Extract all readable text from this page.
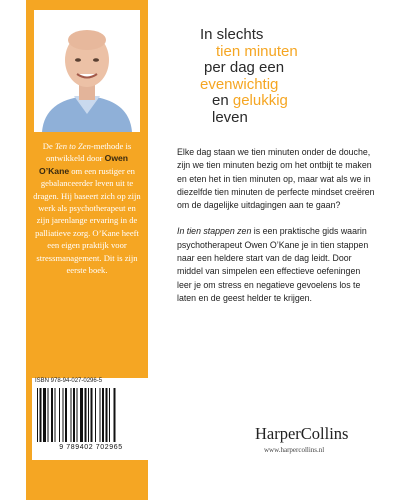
De Ten to Zen-methode is ontwikkeld door Owen O’Kane om een rustiger en gebalanceerder leven uit te dragen. Hij baseert zich op zijn werk als psychotherapeut en zijn jarenlange ervaring in de palliatieve zorg. O’Kane heeft een eigen praktijk voor stressmanagement. Dit is zijn eerste boek.
ISBN 978-94-027-0296-5
9 789402 702965
In slechts
tien minuten
per dag een
evenwichtig
en gelukkig
leven

Elke dag staan we tien minuten onder de douche, zijn we tien minuten bezig om het ontbijt te maken en eten het in tien minuten op, maar wat als we in diezelfde tien minuten de perfecte mindset creëren om de dagelijke uitdagingen aan te gaan?

In tien stappen zen is een praktische gids waarin psychotherapeut Owen O’Kane je in tien stappen naar een heldere start van de dag leidt. Door middel van simpelen een effectieve oefeningen leer je om stress en negatieve gevoelens los te laten en de geest helder te krijgen.

HarperCollins
www.harpercollins.nl
